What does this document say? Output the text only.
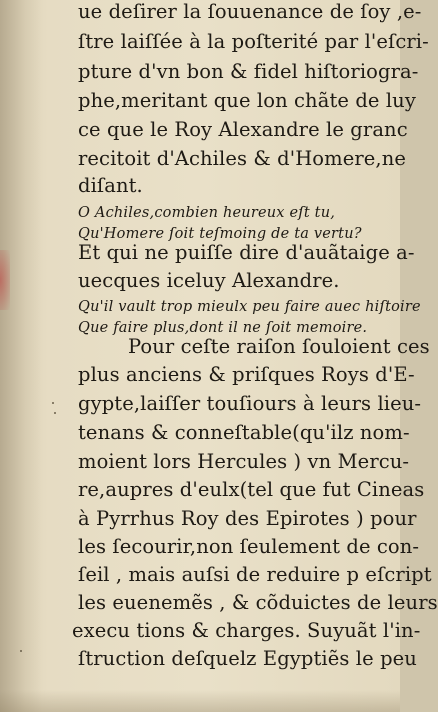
ue deſirer la ſouuenance de ſoy ,e-
ſtre laiſſée à la poſterité par l'eſcri-
pture d'vn bon & fidel hiſtoriogra-
phe,meritant que lon chãte de luy
ce que le Roy Alexandre le granc
recitoit d'Achiles & d'Homere,ne
diſant.
O Achiles,combien heureux eſt tu,
Qu'Homere ſoit teſmoing de ta vertu?
Et qui ne puiſſe dire d'auãtaige a-
uecques iceluy Alexandre.
Qu'il vault trop mieulx peu faire auec hiſtoire
Que faire plus,dont il ne ſoit memoire.
Pour ceſte raiſon ſouloient ces
plus anciens & priſques Roys d'E-
gypte,laiſſer touſiours à leurs lieu-
tenans & conneſtable(qu'ilz nom-
moient lors Hercules ) vn Mercu-
re,aupres d'eulx(tel que fut Cineas
à Pyrrhus Roy des Epirotes ) pour
les ſecourir,non ſeulement de con-
ſeil , mais auſsi de reduire p eſcript
les euenemẽs , & cõduictes de leurs
execu tions & charges. Suyuãt l'in-
ſtruction deſquelz Egyptiẽs le peu
